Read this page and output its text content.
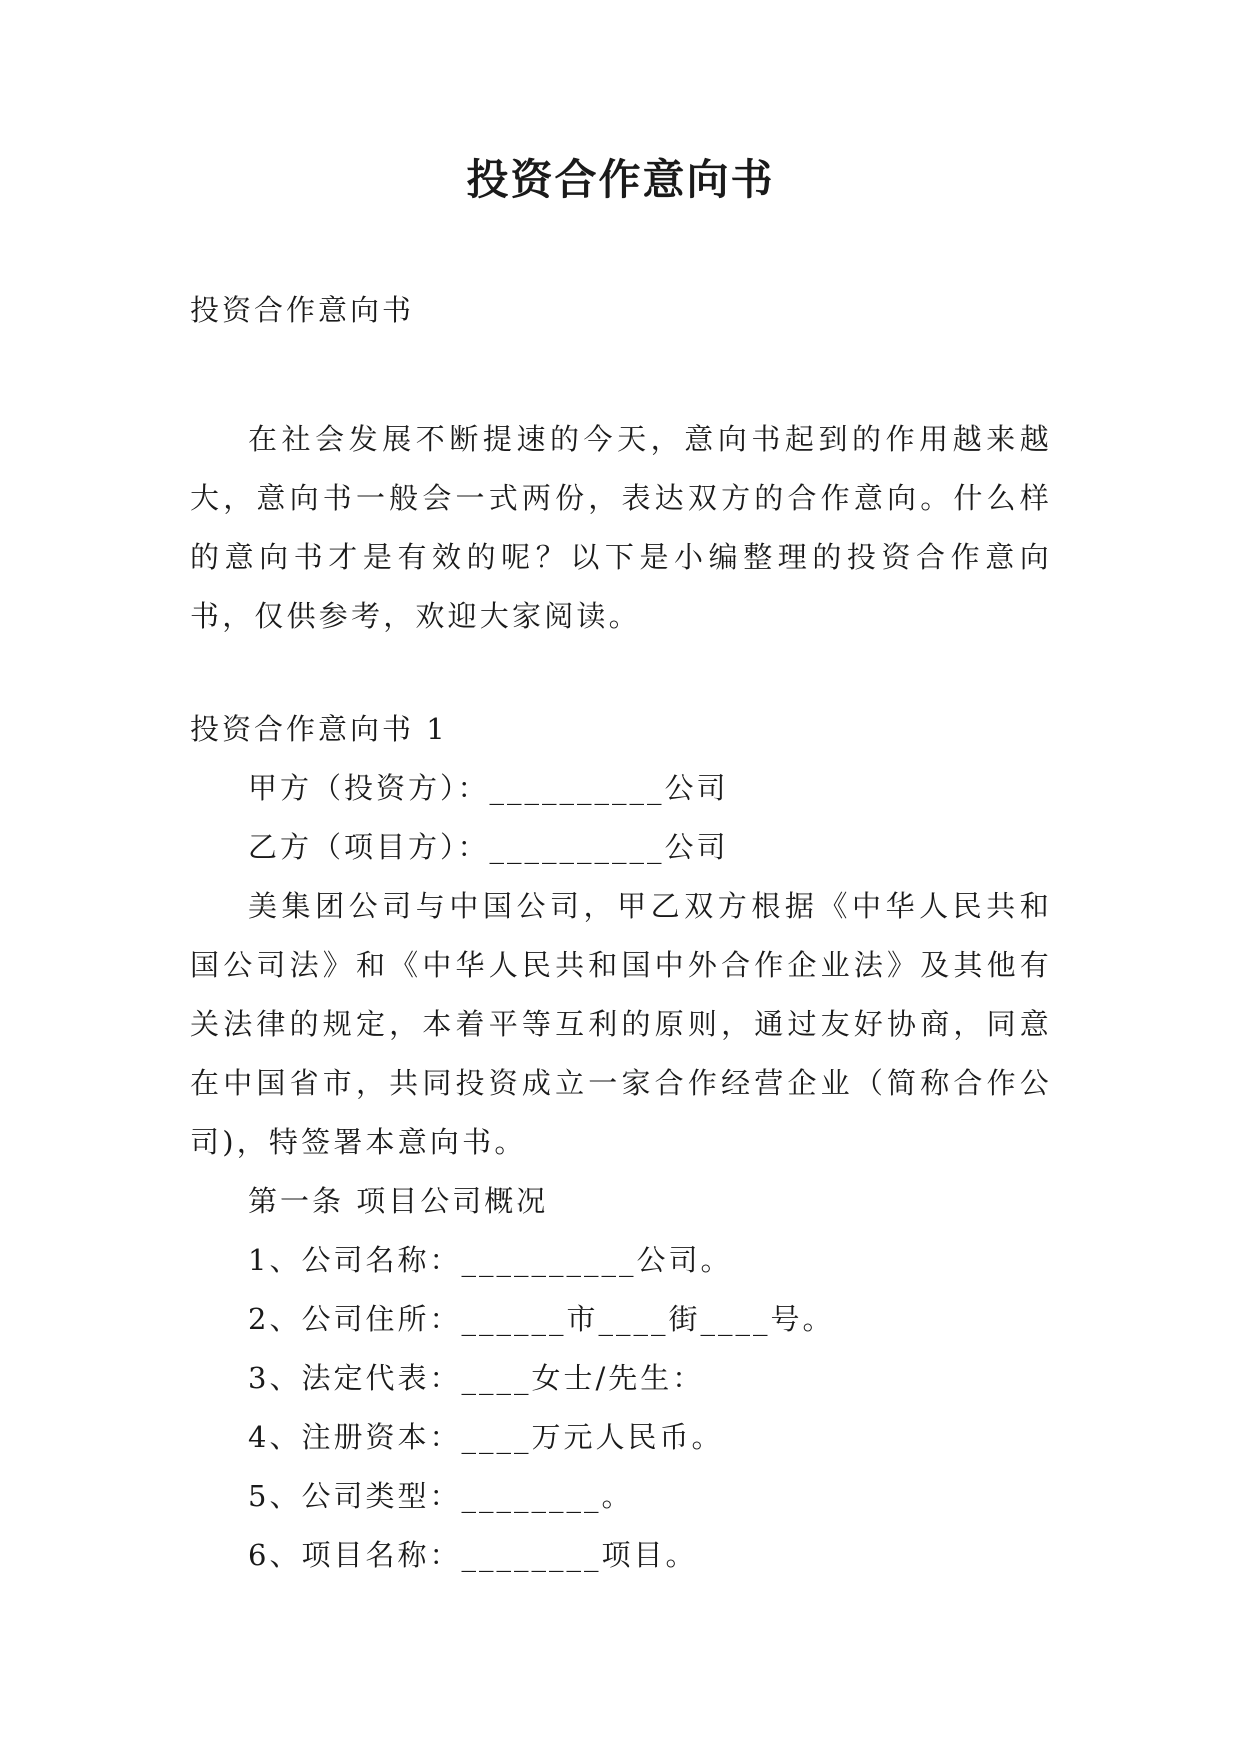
投资合作意向书

投资合作意向书

在社会发展不断提速的今天，意向书起到的作用越来越大，意向书一般会一式两份，表达双方的合作意向。什么样的意向书才是有效的呢？以下是小编整理的投资合作意向书，仅供参考，欢迎大家阅读。

投资合作意向书 1

甲方（投资方）：__________公司

乙方（项目方）：__________公司

美集团公司与中国公司，甲乙双方根据《中华人民共和国公司法》和《中华人民共和国中外合作企业法》及其他有关法律的规定，本着平等互利的原则，通过友好协商，同意在中国省市，共同投资成立一家合作经营企业（简称合作公司)，特签署本意向书。

第一条 项目公司概况

1、公司名称：__________公司。

2、公司住所：______市____街____号。

3、法定代表：____女士/先生：

4、注册资本：____万元人民币。

5、公司类型：________。

6、项目名称：________项目。
